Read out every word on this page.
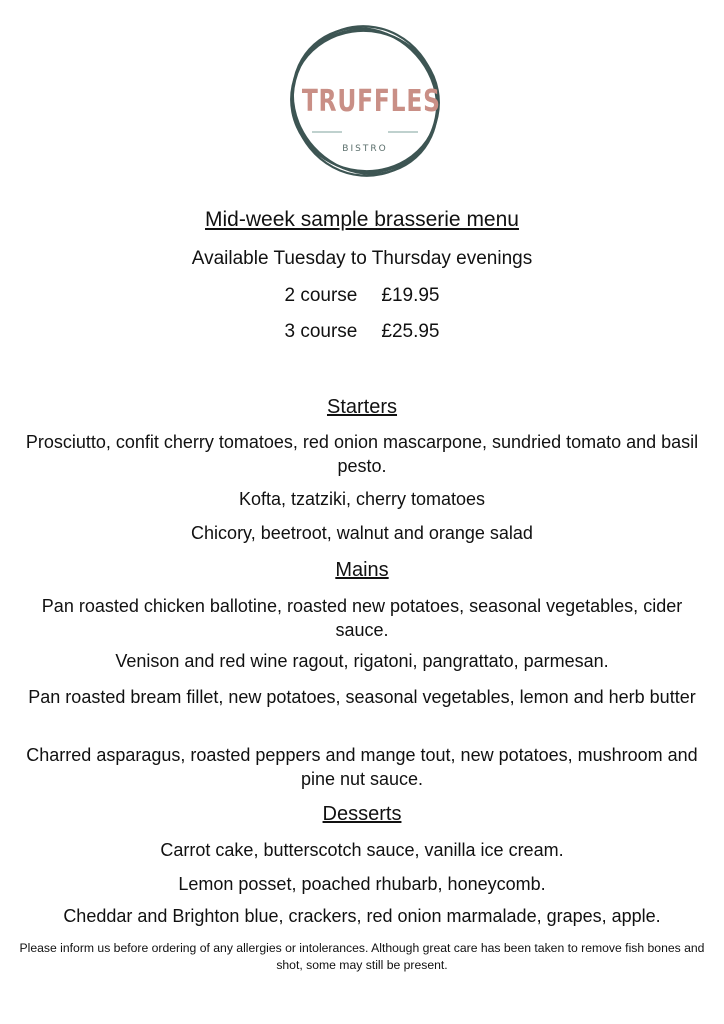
TRUFFLES
BISTRO
Mid-week sample brasserie menu
Available Tuesday to Thursday evenings
2 course £19.95
3 course £25.95
Starters
Prosciutto, confit cherry tomatoes, red onion mascarpone, sundried tomato and basil pesto.
Kofta, tzatziki, cherry tomatoes
Chicory, beetroot, walnut and orange salad
Mains
Pan roasted chicken ballotine, roasted new potatoes, seasonal vegetables, cider sauce.
Venison and red wine ragout, rigatoni, pangrattato, parmesan.
Pan roasted bream fillet, new potatoes, seasonal vegetables, lemon and herb butter
Charred asparagus, roasted peppers and mange tout, new potatoes, mushroom and pine nut sauce.
Desserts
Carrot cake, butterscotch sauce, vanilla ice cream.
Lemon posset, poached rhubarb, honeycomb.
Cheddar and Brighton blue, crackers, red onion marmalade, grapes, apple.
Please inform us before ordering of any allergies or intolerances. Although great care has been taken to remove fish bones and shot, some may still be present.
